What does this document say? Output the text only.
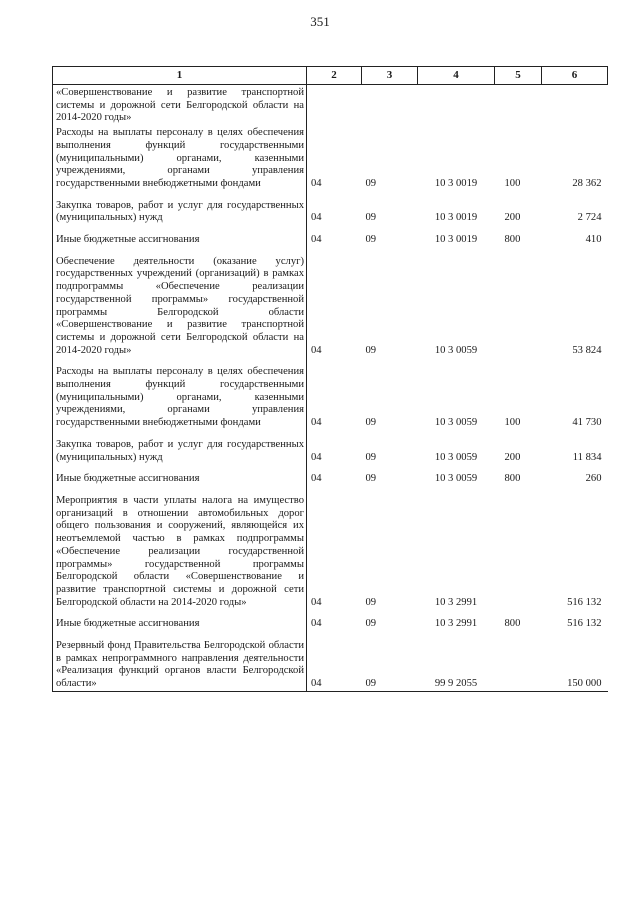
351
1	2	3	4	5	6
«Совершенствование и развитие транспортной системы и дорожной сети Белгородской области на 2014-2020 годы»					
Расходы на выплаты персоналу в целях обеспечения выполнения функций государственными (муниципальными) органами, казенными учреждениями, органами управления государственными внебюджетными фондами	04	09	10 3 0019	100	28 362
Закупка товаров, работ и услуг для государственных (муниципальных) нужд	04	09	10 3 0019	200	2 724
Иные бюджетные ассигнования	04	09	10 3 0019	800	410
Обеспечение деятельности (оказание услуг) государственных учреждений (организаций) в рамках подпрограммы «Обеспечение реализации государственной программы» государственной программы Белгородской области «Совершенствование и развитие транспортной системы и дорожной сети Белгородской области на 2014-2020 годы»	04	09	10 3 0059		53 824
Расходы на выплаты персоналу в целях обеспечения выполнения функций государственными (муниципальными) органами, казенными учреждениями, органами управления государственными внебюджетными фондами	04	09	10 3 0059	100	41 730
Закупка товаров, работ и услуг для государственных (муниципальных) нужд	04	09	10 3 0059	200	11 834
Иные бюджетные ассигнования	04	09	10 3 0059	800	260
Мероприятия в части уплаты налога на имущество организаций в отношении автомобильных дорог общего пользования и сооружений, являющейся их неотъемлемой частью в рамках подпрограммы «Обеспечение реализации государственной программы» государственной программы Белгородской области «Совершенствование и развитие транспортной системы и дорожной сети Белгородской области на 2014-2020 годы»	04	09	10 3 2991		516 132
Иные бюджетные ассигнования	04	09	10 3 2991	800	516 132
Резервный фонд Правительства Белгородской области в рамках непрограммного направления деятельности «Реализация функций органов власти Белгородской области»	04	09	99 9 2055		150 000
